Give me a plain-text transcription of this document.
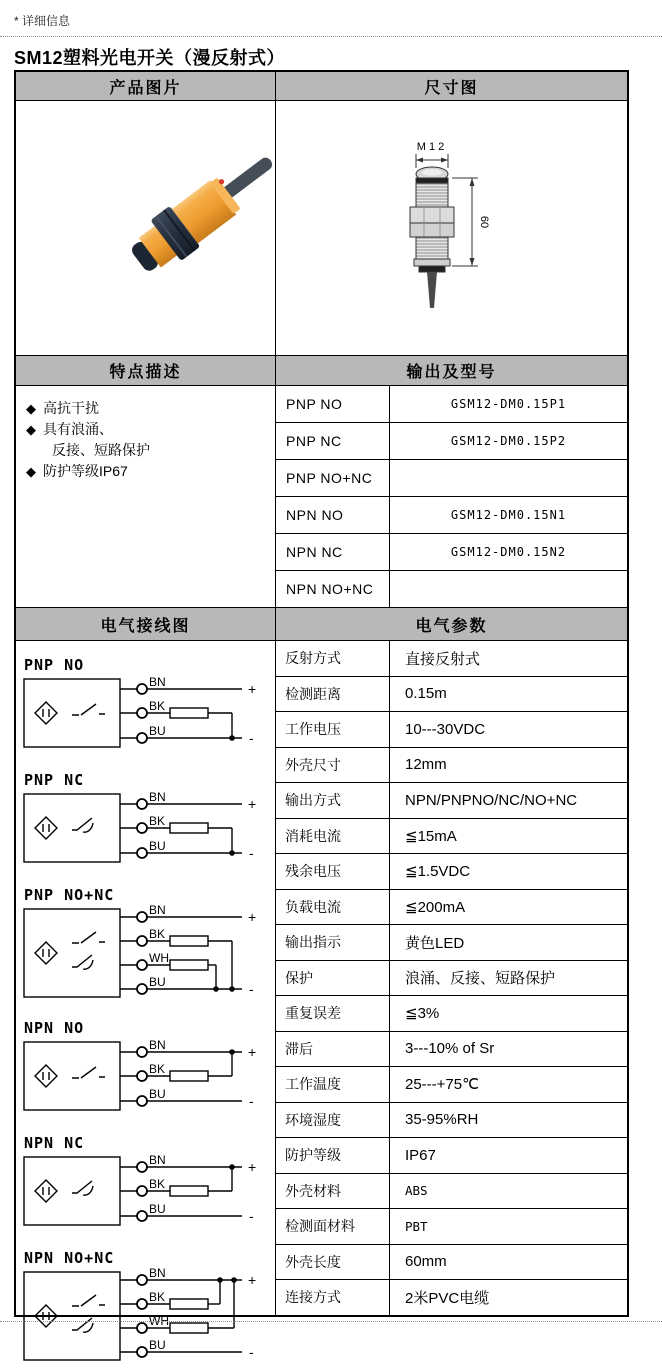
* 详细信息
SM12塑料光电开关（漫反射式）
产品图片	尺寸图
M12
60
特点描述	输出及型号
◆ 高抗干扰
◆ 具有浪涌、
反接、短路保护
◆ 防护等级IP67
电气接线图	电气参数
PNP NO
BN
BK
BU
+
-
PNP NC
BN
BK
BU
+
-
PNP NO+NC
BN
BK
WH
BU
+
-
NPN NO
BN
BK
BU
+
-
NPN NC
BN
BK
BU
+
-
NPN NO+NC
BN
BK
WH
BU
+
-
PNP NO	GSM12-DM0.15P1
PNP NC	GSM12-DM0.15P2
PNP NO+NC
NPN NO	GSM12-DM0.15N1
NPN NC	GSM12-DM0.15N2
NPN NO+NC
反射方式	直接反射式
检测距离	0.15m
工作电压	10---30VDC
外壳尺寸	12mm
输出方式	NPN/PNPNO/NC/NO+NC
消耗电流	≦15mA
残余电压	≦1.5VDC
负载电流	≦200mA
输出指示	黄色LED
保护	浪涌、反接、短路保护
重复误差	≦3%
滞后	3---10% of Sr
工作温度	25---+75℃
环境湿度	35-95%RH
防护等级	IP67
外壳材料	ABS
检测面材料	PBT
外壳长度	60mm
连接方式	2米PVC电缆
